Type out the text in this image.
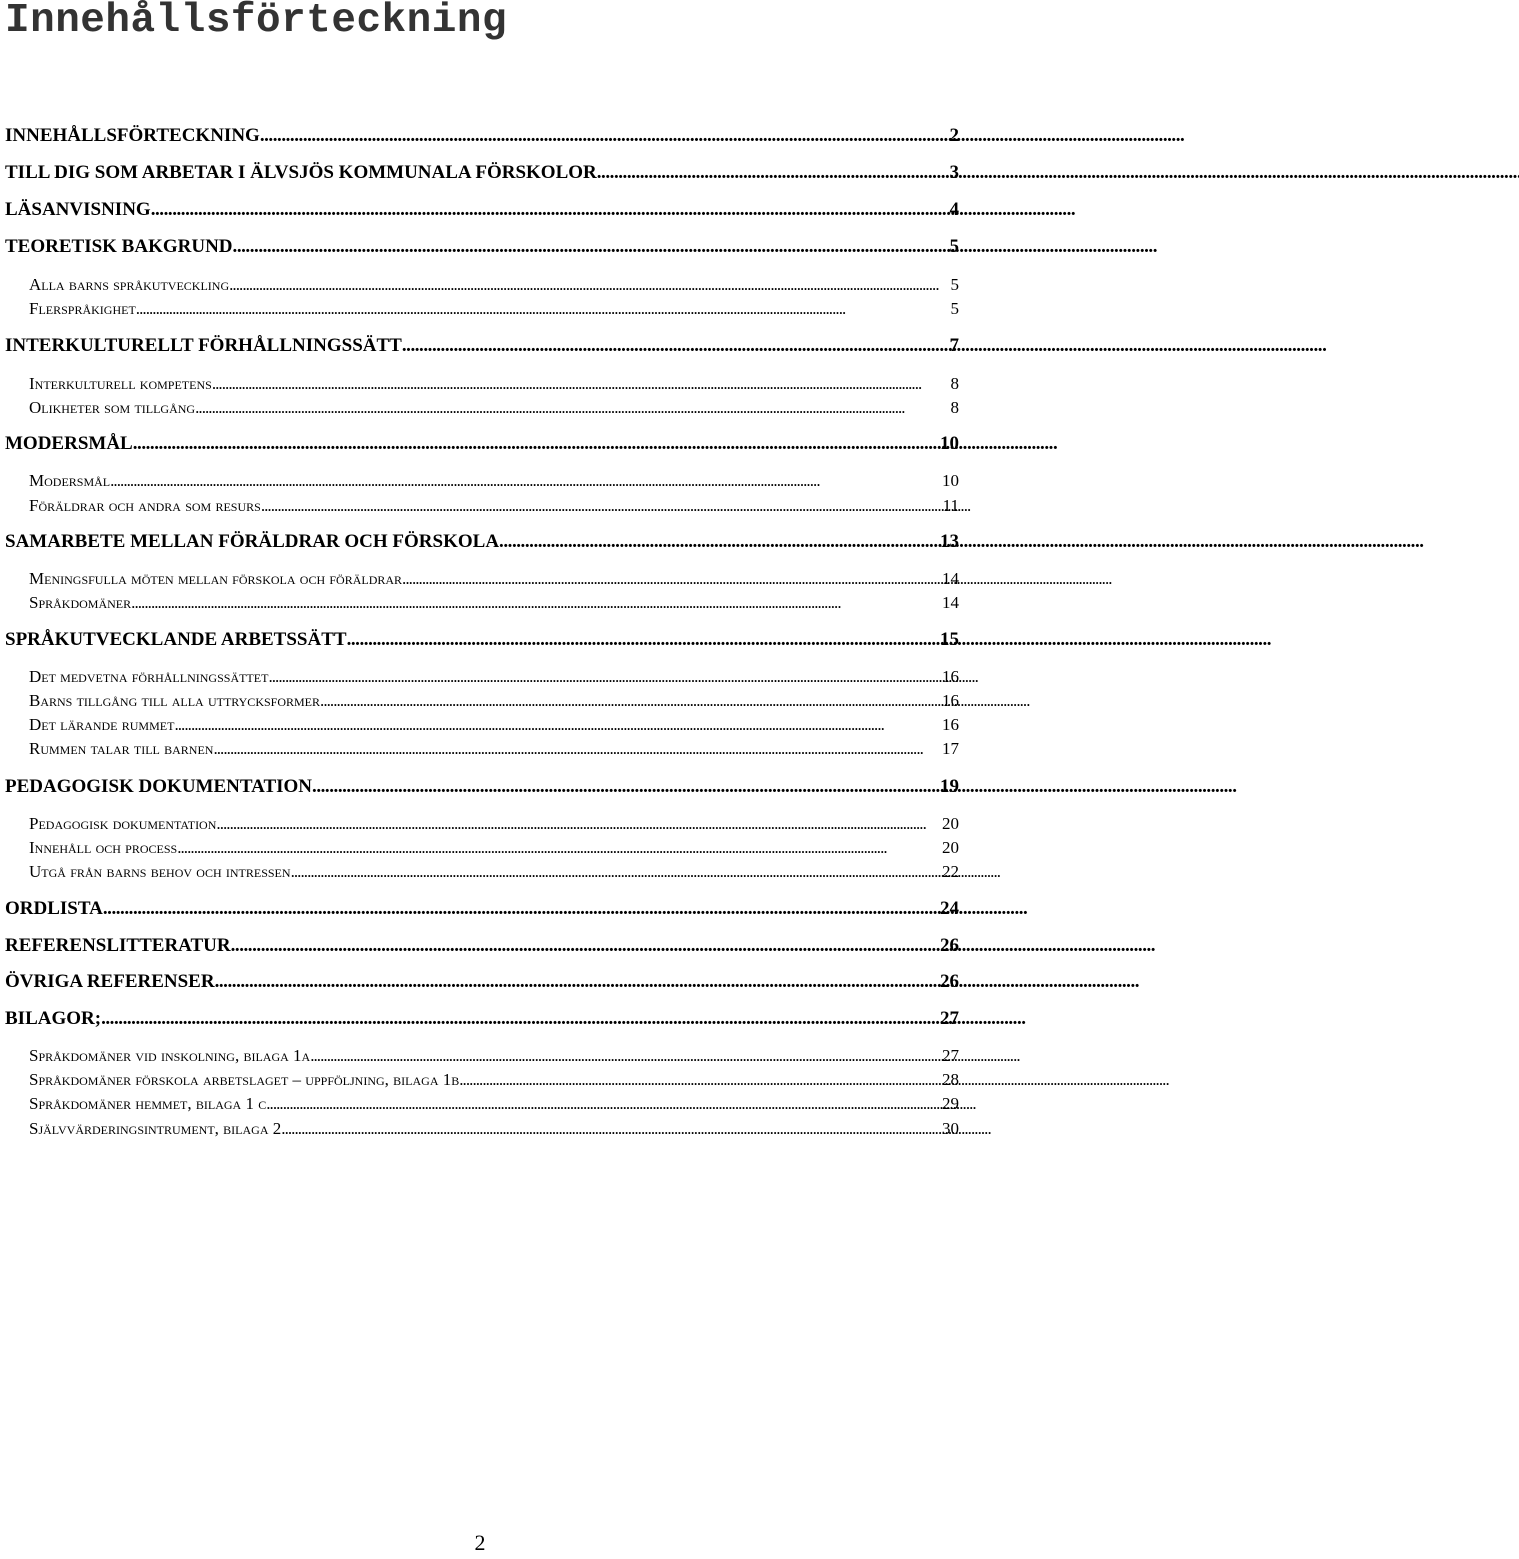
Innehållsförteckning
INNEHÅLLSFÖRTECKNING . . .	2
TILL DIG SOM ARBETAR I ÄLVSJÖS KOMMUNALA FÖRSKOLOR . . .	3
LÄSANVISNING . . .	4
TEORETISK BAKGRUND . . .	5
Alla barns språkutveckling . . .	5
Flerspråkighet . . .	5
INTERKULTURELLT FÖRHÅLLNINGSSÄTT . . .	7
Interkulturell kompetens . . .	8
Olikheter som tillgång . . .	8
MODERSMÅL . . .	10
Modersmål . . .	10
Föräldrar och andra som resurs . . .	11
SAMARBETE MELLAN FÖRÄLDRAR OCH FÖRSKOLA . . .	13
Meningsfulla möten mellan förskola och föräldrar . . .	14
Språkdomäner . . .	14
SPRÅKUTVECKLANDE ARBETSSÄTT . . .	15
Det medvetna förhållningssättet . . .	16
Barns tillgång till alla uttrycksformer . . .	16
Det lärande rummet . . .	16
Rummen talar till barnen . . .	17
PEDAGOGISK DOKUMENTATION . . .	19
Pedagogisk dokumentation . . .	20
Innehåll och process . . .	20
Utgå från barns behov och intressen . . .	22
ORDLISTA . . .	24
REFERENSLITTERATUR . . .	26
ÖVRIGA REFERENSER . . .	26
BILAGOR; . . .	27
Språkdomäner vid inskolning, bilaga 1a . . .	27
Språkdomäner förskola arbetslaget – uppföljning, bilaga 1b . . .	28
Språkdomäner hemmet, bilaga 1 c . . .	29
Självvärderingsintrument, bilaga 2 . . .	30
2
